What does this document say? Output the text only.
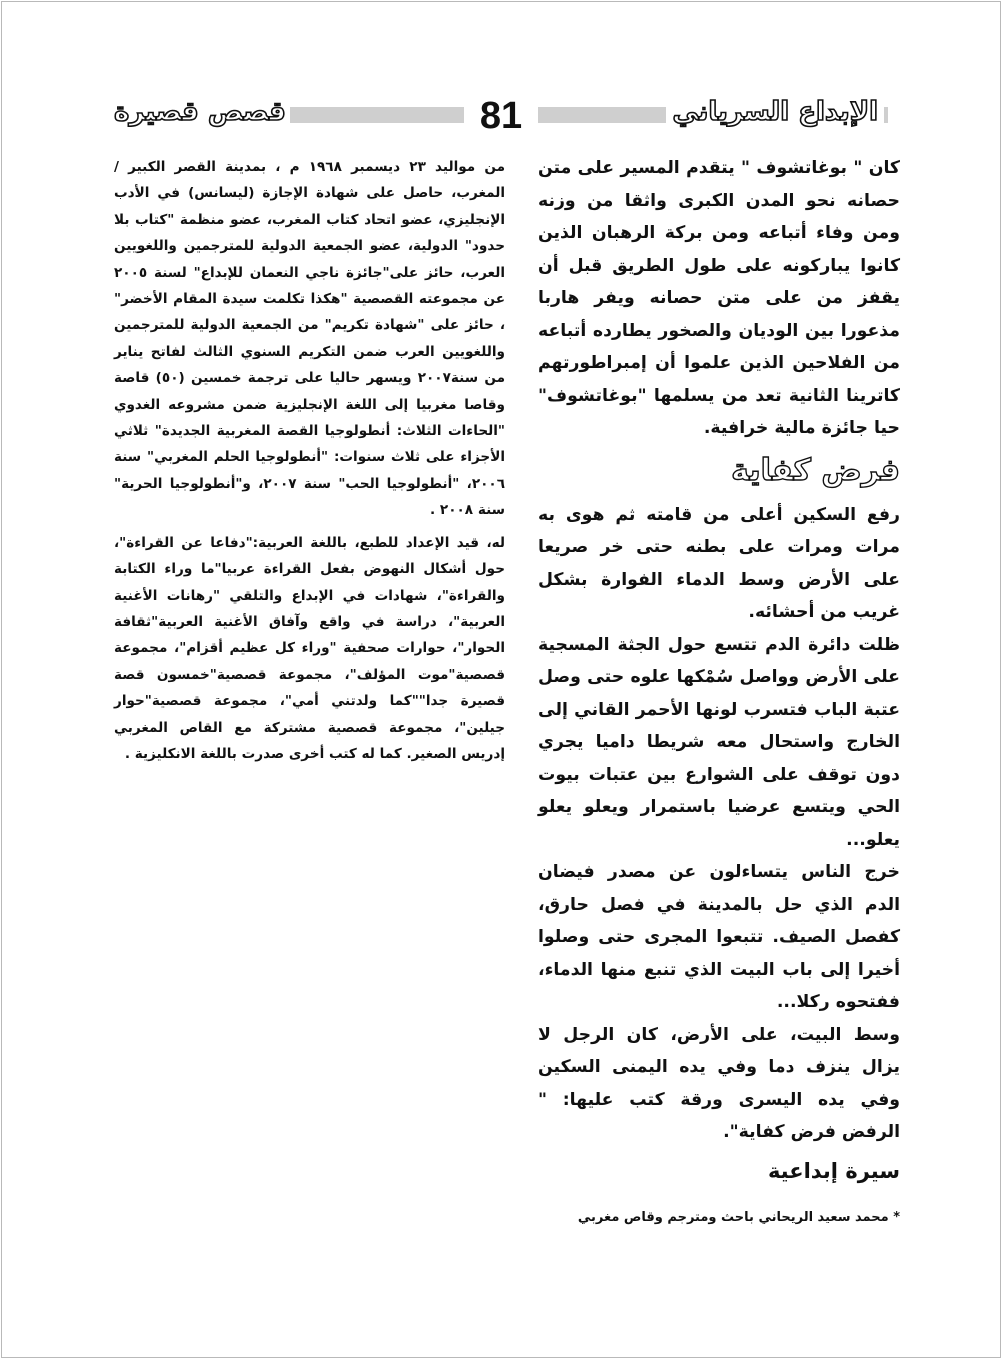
قصص قصيرة	81	الإبداع السرياني

كان " بوغاتشوف " يتقدم المسير على متن حصانه نحو المدن الكبرى واثقا من وزنه ومن وفاء أتباعه ومن بركة الرهبان الذين كانوا يباركونه على طول الطريق قبل أن يقفز من على متن حصانه ويفر هاربا مذعورا بين الوديان والصخور يطارده أتباعه من الفلاحين الذين علموا أن إمبراطورتهم كاترينا الثانية تعد من يسلمها "بوغاتشوف" حيا جائزة مالية خرافية.

فرض كفاية

رفع السكين أعلى من قامته ثم هوى به مرات ومرات على بطنه حتى خر صريعا على الأرض وسط الدماء الفوارة بشكل غريب من أحشائه.

ظلت دائرة الدم تتسع حول الجثة المسجية على الأرض وواصل سُمْكها علوه حتى وصل عتبة الباب فتسرب لونها الأحمر القاني إلى الخارج واستحال معه شريطا داميا يجري دون توقف على الشوارع بين عتبات بيوت الحي ويتسع عرضيا باستمرار ويعلو يعلو يعلو...

خرج الناس يتساءلون عن مصدر فيضان الدم الذي حل بالمدينة في فصل حارق، كفصل الصيف. تتبعوا المجرى حتى وصلوا أخيرا إلى باب البيت الذي تنبع منها الدماء، ففتحوه ركلا...

وسط البيت، على الأرض، كان الرجل لا يزال ينزف دما وفي يده اليمنى السكين وفي يده اليسرى ورقة كتب عليها: " الرفض فرض كفاية".

سيرة إبداعية
* محمد سعيد الريحاني باحث ومترجم وقاص مغربي

من مواليد ٢٣ ديسمبر ١٩٦٨ م ، بمدينة القصر الكبير / المغرب، حاصل على شهادة الإجازة (ليسانس) في الأدب الإنجليزي، عضو اتحاد كتاب المغرب، عضو منظمة "كتاب بلا حدود" الدولية، عضو الجمعية الدولية للمترجمين واللغويين العرب، حائز على"جائزة ناجي النعمان للإبداع" لسنة ٢٠٠٥ عن مجموعته القصصية "هكذا تكلمت سيدة المقام الأخضر" ، حائز على "شهادة تكريم" من الجمعية الدولية للمترجمين واللغويين العرب ضمن التكريم السنوي الثالث لفاتح يناير من سنة٢٠٠٧ ويسهر حاليا على ترجمة خمسين (٥٠) قاصة وقاصا مغربيا إلى اللغة الإنجليزية ضمن مشروعه الغدوي "الحاءات الثلاث: أنطولوجيا القصة المغربية الجديدة" ثلاثي الأجزاء على ثلاث سنوات: "أنطولوجيا الحلم المغربي" سنة ٢٠٠٦، "أنطولوجيا الحب" سنة ٢٠٠٧، و"أنطولوجيا الحرية" سنة ٢٠٠٨ .

له، قيد الإعداد للطبع، باللغة العربية:"دفاعا عن القراءة"، حول أشكال النهوض بفعل القراءة عربيا"ما وراء الكتابة والقراءة"، شهادات في الإبداع والتلقي "رهانات الأغنية العربية"، دراسة في واقع وآفاق الأغنية العربية"ثقافة الحوار"، حوارات صحفية "وراء كل عظيم أقزام"، مجموعة قصصية"موت المؤلف"، مجموعة قصصية"خمسون قصة قصيرة جدا""كما ولدتني أمي"، مجموعة قصصية"حوار جيلين"، مجموعة قصصية مشتركة مع القاص المغربي إدريس الصغير. كما له كتب أخرى صدرت باللغة الانكليزية .
